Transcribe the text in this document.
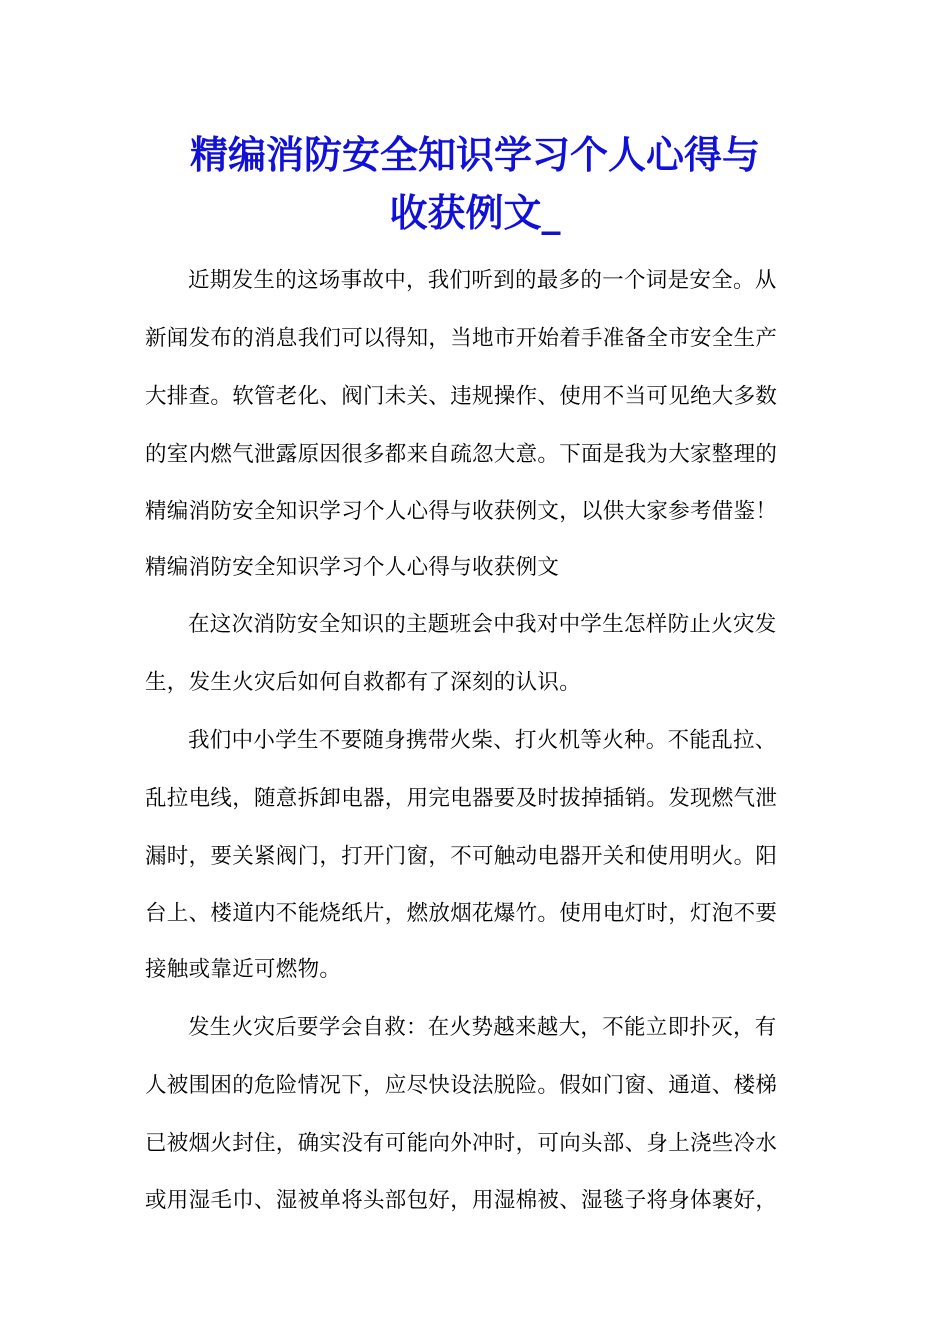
精编消防安全知识学习个人心得与
收获例文_

近期发生的这场事故中，我们听到的最多的一个词是安全。从

新闻发布的消息我们可以得知，当地市开始着手准备全市安全生产

大排查。软管老化、阀门未关、违规操作、使用不当可见绝大多数

的室内燃气泄露原因很多都来自疏忽大意。下面是我为大家整理的

精编消防安全知识学习个人心得与收获例文，以供大家参考借鉴！

精编消防安全知识学习个人心得与收获例文

在这次消防安全知识的主题班会中我对中学生怎样防止火灾发

生，发生火灾后如何自救都有了深刻的认识。

我们中小学生不要随身携带火柴、打火机等火种。不能乱拉、

乱拉电线，随意拆卸电器，用完电器要及时拔掉插销。发现燃气泄

漏时，要关紧阀门，打开门窗，不可触动电器开关和使用明火。阳

台上、楼道内不能烧纸片，燃放烟花爆竹。使用电灯时，灯泡不要

接触或靠近可燃物。

发生火灾后要学会自救：在火势越来越大，不能立即扑灭，有

人被围困的危险情况下，应尽快设法脱险。假如门窗、通道、楼梯

已被烟火封住，确实没有可能向外冲时，可向头部、身上浇些冷水

或用湿毛巾、湿被单将头部包好，用湿棉被、湿毯子将身体裹好，
